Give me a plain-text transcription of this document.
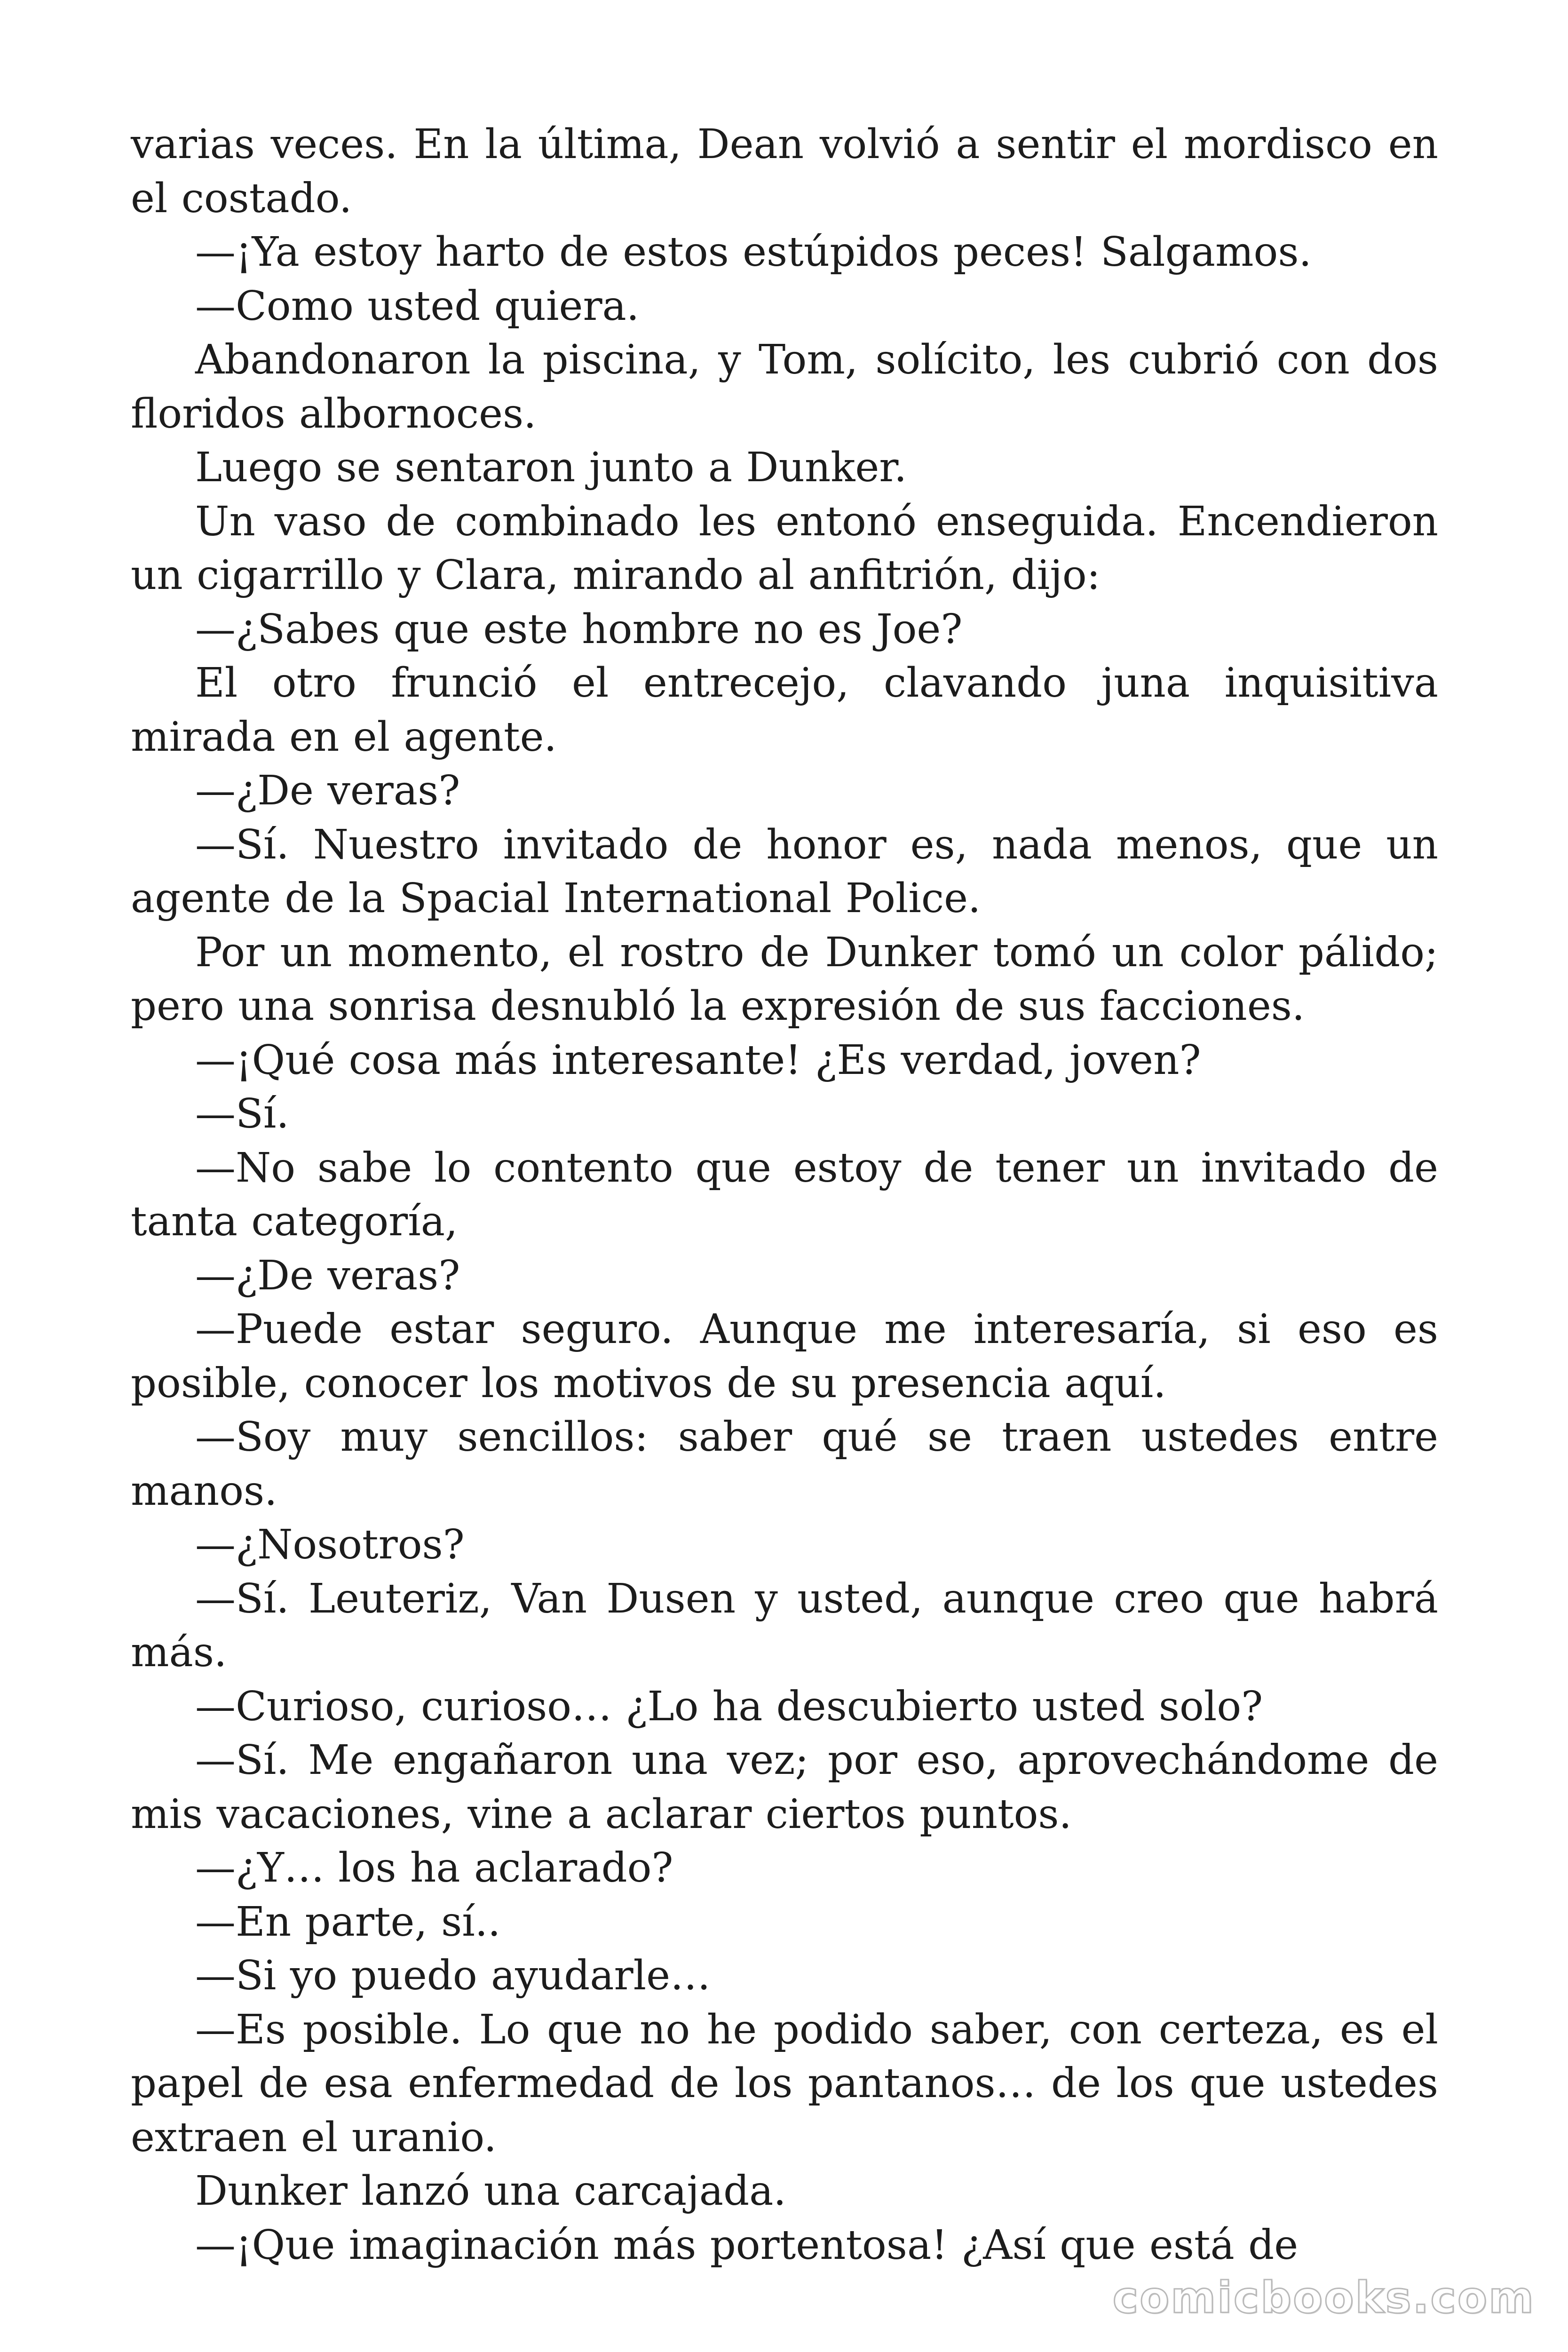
varias veces. En la última, Dean volvió a sentir el mordisco en el costado.

—¡Ya estoy harto de estos estúpidos peces! Salgamos.

—Como usted quiera.

Abandonaron la piscina, y Tom, solícito, les cubrió con dos floridos albornoces.

Luego se sentaron junto a Dunker.

Un vaso de combinado les entonó enseguida. Encendieron un cigarrillo y Clara, mirando al anfitrión, dijo:

—¿Sabes que este hombre no es Joe?

El otro frunció el entrecejo, clavando juna inquisitiva mirada en el agente.

—¿De veras?

—Sí. Nuestro invitado de honor es, nada menos, que un agente de la Spacial International Police.

Por un momento, el rostro de Dunker tomó un color pálido; pero una sonrisa desnubló la expresión de sus facciones.

—¡Qué cosa más interesante! ¿Es verdad, joven?

—Sí.

—No sabe lo contento que estoy de tener un invitado de tanta categoría,

—¿De veras?

—Puede estar seguro. Aunque me interesaría, si eso es posible, conocer los motivos de su presencia aquí.

—Soy muy sencillos: saber qué se traen ustedes entre manos.

—¿Nosotros?

—Sí. Leuteriz, Van Dusen y usted, aunque creo que habrá más.

—Curioso, curioso… ¿Lo ha descubierto usted solo?

—Sí. Me engañaron una vez; por eso, aprovechándome de mis vacaciones, vine a aclarar ciertos puntos.

—¿Y… los ha aclarado?

—En parte, sí..

—Si yo puedo ayudarle…

—Es posible. Lo que no he podido saber, con certeza, es el papel de esa enfermedad de los pantanos… de los que ustedes extraen el uranio.

Dunker lanzó una carcajada.

—¡Que imaginación más portentosa! ¿Así que está de

comicbooks.com
